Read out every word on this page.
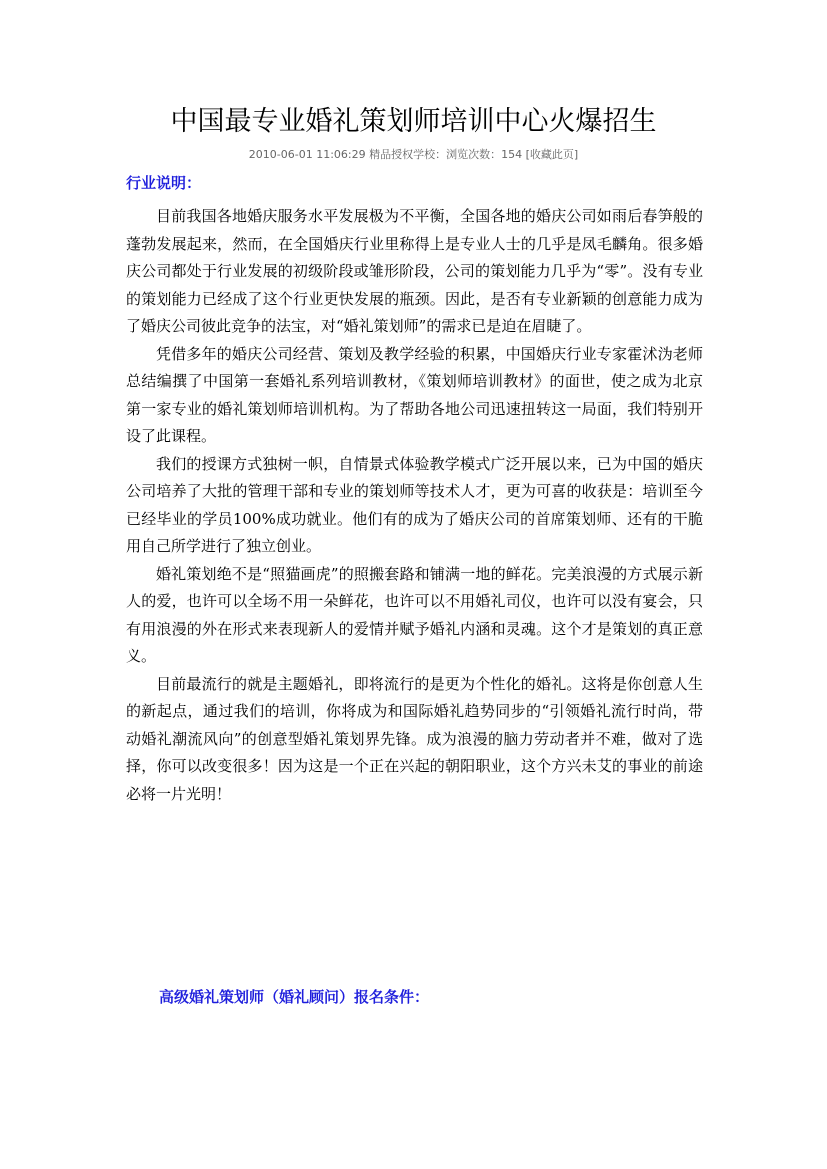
中国最专业婚礼策划师培训中心火爆招生
2010-06-01 11:06:29 精品授权学校：浏览次数：154 [收藏此页]
行业说明：

目前我国各地婚庆服务水平发展极为不平衡，全国各地的婚庆公司如雨后春笋般的蓬勃发展起来，然而，在全国婚庆行业里称得上是专业人士的几乎是凤毛麟角。很多婚庆公司都处于行业发展的初级阶段或雏形阶段，公司的策划能力几乎为“零”。没有专业的策划能力已经成了这个行业更快发展的瓶颈。因此，是否有专业新颖的创意能力成为了婚庆公司彼此竞争的法宝，对“婚礼策划师”的需求已是迫在眉睫了。

凭借多年的婚庆公司经营、策划及教学经验的积累，中国婚庆行业专家霍沭沩老师总结编撰了中国第一套婚礼系列培训教材，《策划师培训教材》的面世，使之成为北京第一家专业的婚礼策划师培训机构。为了帮助各地公司迅速扭转这一局面，我们特别开设了此课程。

我们的授课方式独树一帜，自情景式体验教学模式广泛开展以来，已为中国的婚庆公司培养了大批的管理干部和专业的策划师等技术人才，更为可喜的收获是：培训至今已经毕业的学员100%成功就业。他们有的成为了婚庆公司的首席策划师、还有的干脆用自己所学进行了独立创业。

婚礼策划绝不是“照猫画虎”的照搬套路和铺满一地的鲜花。完美浪漫的方式展示新人的爱，也许可以全场不用一朵鲜花，也许可以不用婚礼司仪，也许可以没有宴会，只有用浪漫的外在形式来表现新人的爱情并赋予婚礼内涵和灵魂。这个才是策划的真正意义。

目前最流行的就是主题婚礼，即将流行的是更为个性化的婚礼。这将是你创意人生的新起点，通过我们的培训，你将成为和国际婚礼趋势同步的“引领婚礼流行时尚，带动婚礼潮流风向”的创意型婚礼策划界先锋。成为浪漫的脑力劳动者并不难，做对了选择，你可以改变很多！因为这是一个正在兴起的朝阳职业，这个方兴未艾的事业的前途必将一片光明！

高级婚礼策划师（婚礼顾问）报名条件：
